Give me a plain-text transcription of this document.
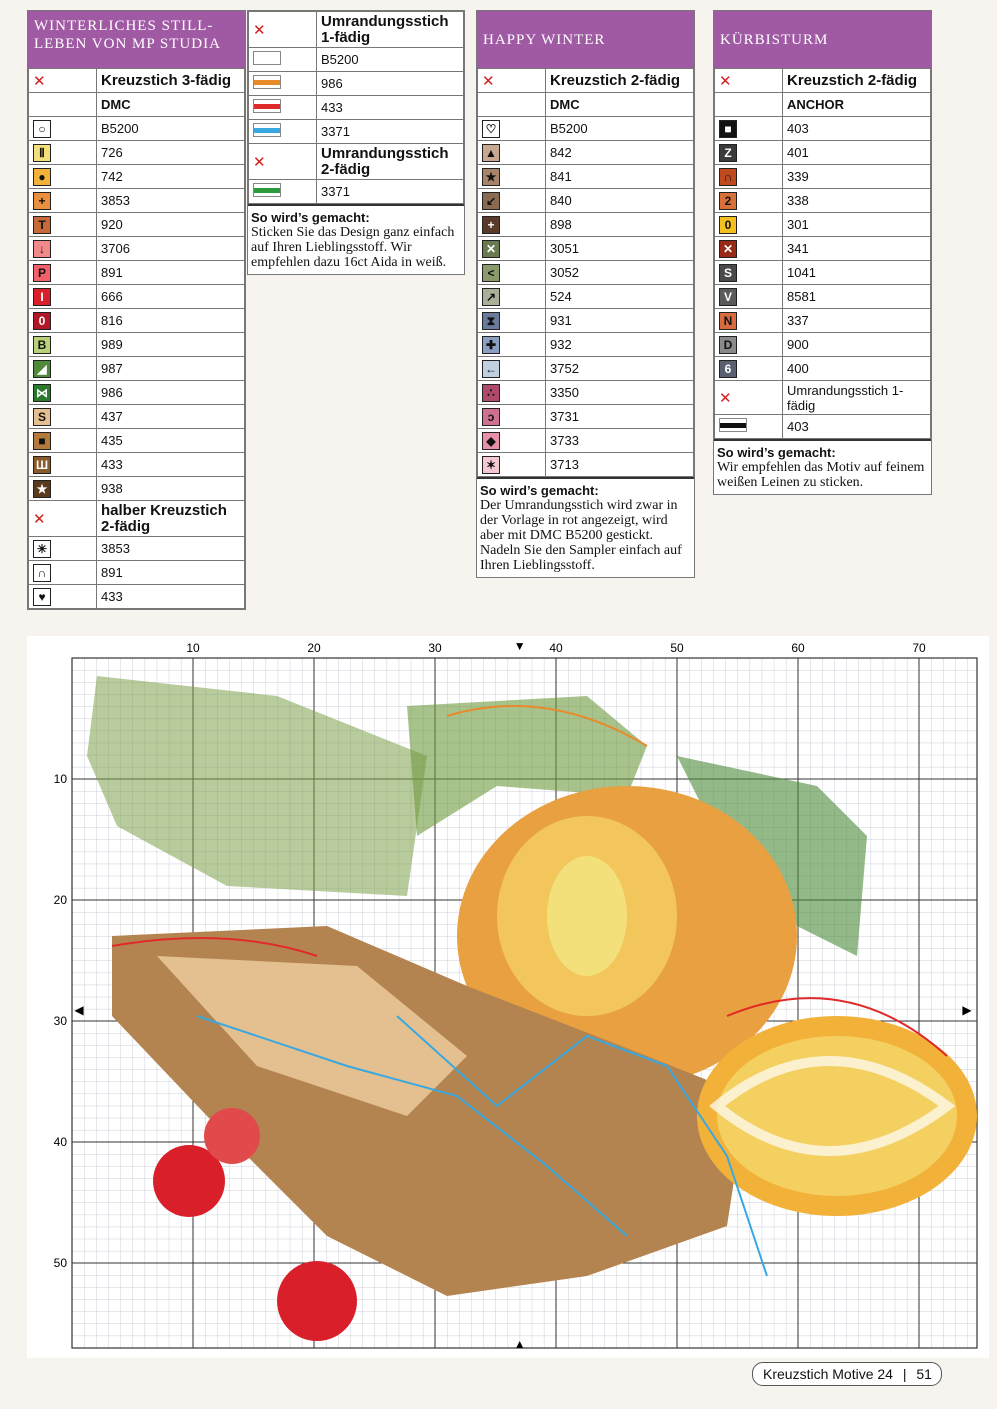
WINTERLICHES STILL-LEBEN VON MP STUDIA
✕	Kreuzstich 3-fädig
	DMC
○	B5200
Ⅱ	726
●	742
+	3853
T	920
↓	3706
P	891
I	666
0	816
B	989
◢	987
⋈	986
S	437
■	435
Ш	433
★	938
✕	halber Kreuzstich 2-fädig
✳	3853
∩	891
♥	433
✕	Umrandungsstich 1-fädig

	B5200

	986

	433

	3371
✕	Umrandungsstich 2-fädig

	3371
So wird’s gemacht:
Sticken Sie das Design ganz einfach auf Ihren Lieblingsstoff. Wir empfehlen dazu 16ct Aida in weiß.
HAPPY WINTER
✕	Kreuzstich 2-fädig
	DMC
♡	B5200
▲	842
★	841
↙	840
+	898
✕	3051
<	3052
↗	524
⧗	931
✚	932
←	3752
∴	3350
ɔ	3731
◆	3733
✶	3713
So wird’s gemacht:
Der Umrandungsstich wird zwar in der Vorlage in rot angezeigt, wird aber mit DMC B5200 gestickt. Nadeln Sie den Sampler einfach auf Ihren Lieblingsstoff.
KÜRBISTURM
✕	Kreuzstich 2-fädig
	ANCHOR
■	403
Z	401
∩	339
2	338
0	301
✕	341
S	1041
V	8581
N	337
D	900
6	400
✕	Umrandungsstich 1-fädig

	403
So wird’s gemacht:
Wir empfehlen das Motiv auf feinem weißen Leinen zu sticken.
10	20	30	40	50	60	70
10
20
30
40
50
▼
▲
◀	▶
Kreuzstich Motive 24 | 51
